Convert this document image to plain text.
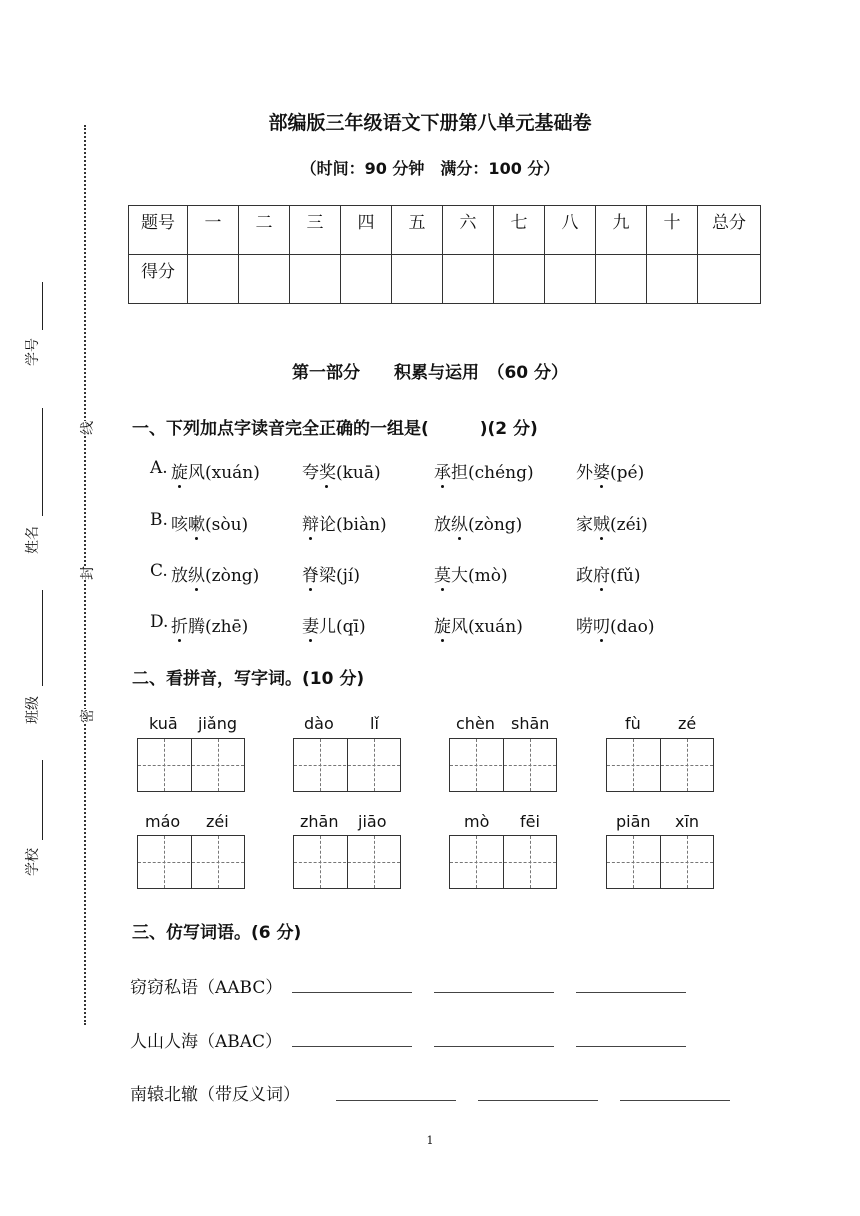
学号
姓名
班级
学校
线
封
密
部编版三年级语文下册第八单元基础卷
（时间：90 分钟　满分：100 分）
题号	一	二	三	四	五	六	七	八	九	十	总分
得分											
第一部分　　积累与运用　（60 分）
一、下列加点字读音完全正确的一组是(　　　)(2 分)
A. 旋风(xuán) 夸奖(kuā)	承担(chéng) 外婆(pé)
B. 咳嗽(sòu)	辩论(biàn)	放纵(zòng)	家贼(zéi)
C. 放纵(zòng)	脊梁(jí)	莫大(mò)	政府(fǔ)
D. 折腾(zhē)	妻儿(qī)	旋风(xuán)	唠叨(dao)
二、看拼音，写字词。(10 分)
kuā jiǎng	dào lǐ	chèn shān	fù zé
máo zéi	zhān jiāo	mò fēi	piān xīn
三、仿写词语。(6 分)
窃窃私语（AABC）
人山人海（ABAC）
南辕北辙（带反义词）
1
